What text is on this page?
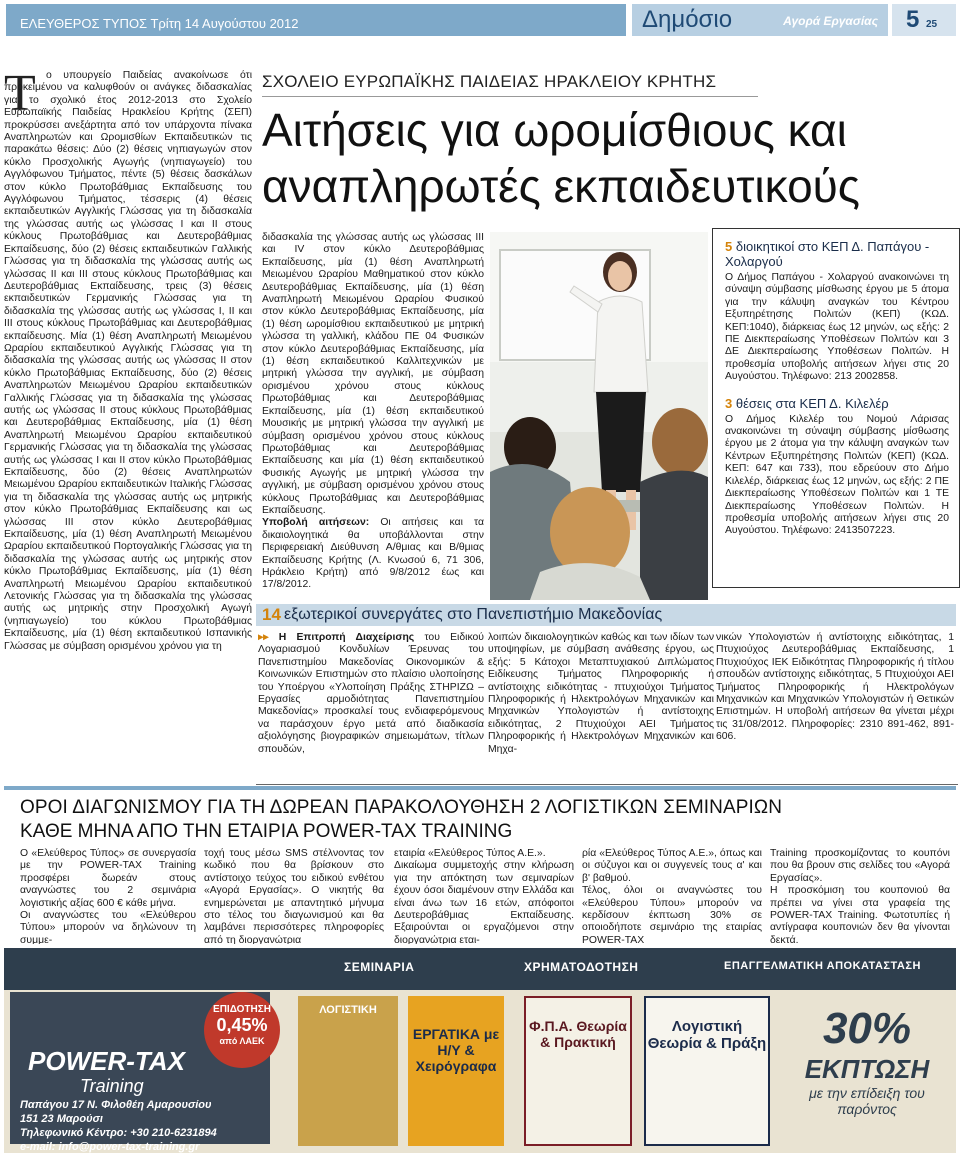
ΕΛΕΥΘΕΡΟΣ ΤΥΠΟΣ Τρίτη 14 Αυγούστου 2012	Δημόσιο	Αγορά Εργασίας 5 25
Τ ο υπουργείο Παιδείας ανακοίνωσε ότι προκειμένου να καλυφθούν οι ανάγκες διδασκαλίας για το σχολικό έτος 2012-2013 στο Σχολείο Ευρωπαϊκής Παιδείας Ηρακλείου Κρήτης (ΣΕΠ) προκρύσσει ανεξάρτητα από τον υπάρχοντα πίνακα Αναπληρωτών και Ωρομισθίων Εκπαιδευτικών τις παρακάτω θέσεις: Δύο (2) θέσεις νηπιαγωγών στον κύκλο Προσχολικής Αγωγής (νηπιαγωγείο) του Αγγλόφωνου Τμήματος, πέντε (5) θέσεις δασκάλων στον κύκλο Πρωτοβάθμιας Εκπαίδευσης του Αγγλόφωνου Τμήματος, τέσσερις (4) θέσεις εκπαιδευτικών Αγγλικής Γλώσσας για τη διδασκαλία της γλώσσας αυτής ως γλώσσας I και II στους κύκλους Πρωτοβάθμιας και Δευτεροβάθμιας Εκπαίδευσης, δύο (2) θέσεις εκπαιδευτικών Γαλλικής Γλώσσας για τη διδασκαλία της γλώσσας αυτής ως γλώσσας II και III στους κύκλους Πρωτοβάθμιας και Δευτεροβάθμιας Εκπαίδευσης, τρεις (3) θέσεις εκπαιδευτικών Γερμανικής Γλώσσας για τη διδασκαλία της γλώσσας αυτής ως γλώσσας I, II και III στους κύκλους Πρωτοβάθμιας και Δευτεροβάθμιας εκπαίδευσης. Μία (1) θέση Αναπληρωτή Μειωμένου Ωραρίου εκπαιδευτικού Αγγλικής Γλώσσας για τη διδασκαλία της γλώσσας αυτής ως γλώσσας II στον κύκλο Πρωτοβάθμιας Εκπαίδευσης, δύο (2) θέσεις Αναπληρωτών Μειωμένου Ωραρίου εκπαιδευτικών Γαλλικής Γλώσσας για τη διδασκαλία της γλώσσας αυτής ως γλώσσας II στους κύκλους Πρωτοβάθμιας και Δευτεροβάθμιας Εκπαίδευσης, μία (1) θέση Αναπληρωτή Μειωμένου Ωραρίου εκπαιδευτικού Γερμανικής Γλώσσας για τη διδασκαλία της γλώσσας αυτής ως γλώσσας I και II στον κύκλο Πρωτοβάθμιας Εκπαίδευσης, δύο (2) θέσεις Αναπληρωτών Μειωμένου Ωραρίου εκπαιδευτικών Ιταλικής Γλώσσας για τη διδασκαλία της γλώσσας αυτής ως μητρικής στον κύκλο Πρωτοβάθμιας Εκπαίδευσης και ως γλώσσας III στον κύκλο Δευτεροβάθμιας Εκπαίδευσης, μία (1) θέση Αναπληρωτή Μειωμένου Ωραρίου εκπαιδευτικού Πορτογαλικής Γλώσσας για τη διδασκαλία της γλώσσας αυτής ως μητρικής στον κύκλο Πρωτοβάθμιας Εκπαίδευσης, μία (1) θέση Αναπληρωτή Μειωμένου Ωραρίου εκπαιδευτικού Λετονικής Γλώσσας για τη διδασκαλία της γλώσσας αυτής ως μητρικής στην Προσχολική Αγωγή (νηπιαγωγείο) του κύκλου Πρωτοβάθμιας Εκπαίδευσης, μία (1) θέση εκπαιδευτικού Ισπανικής Γλώσσας με σύμβαση ορισμένου χρόνου για τη
ΣΧΟΛΕΙΟ ΕΥΡΩΠΑΪΚΗΣ ΠΑΙΔΕΙΑΣ ΗΡΑΚΛΕΙΟΥ ΚΡΗΤΗΣ
Αιτήσεις για ωρομίσθιους και αναπληρωτές εκπαιδευτικούς
διδασκαλία της γλώσσας αυτής ως γλώσσας III και IV στον κύκλο Δευτεροβάθμιας Εκπαίδευσης, μία (1) θέση Αναπληρωτή Μειωμένου Ωραρίου Μαθηματικού στον κύκλο Δευτεροβάθμιας Εκπαίδευσης, μία (1) θέση Αναπληρωτή Μειωμένου Ωραρίου Φυσικού στον κύκλο Δευτεροβάθμιας Εκπαίδευσης, μία (1) θέση ωρομίσθιου εκπαιδευτικού με μητρική γλώσσα τη γαλλική, κλάδου ΠΕ 04 Φυσικών στον κύκλο Δευτεροβάθμιας Εκπαίδευσης, μία (1) θέση εκπαιδευτικού Καλλιτεχνικών με μητρική γλώσσα την αγγλική, με σύμβαση ορισμένου χρόνου στους κύκλους Πρωτοβάθμιας και Δευτεροβάθμιας Εκπαίδευσης, μία (1) θέση εκπαιδευτικού Μουσικής με μητρική γλώσσα την αγγλική με σύμβαση ορισμένου χρόνου στους κύκλους Πρωτοβάθμιας και Δευτεροβάθμιας Εκπαίδευσης και μία (1) θέση εκπαιδευτικού Φυσικής Αγωγής με μητρική γλώσσα την αγγλική, με σύμβαση ορισμένου χρόνου στους κύκλους Πρωτοβάθμιας και Δευτεροβάθμιας Εκπαίδευσης.
Υποβολή αιτήσεων: Οι αιτήσεις και τα δικαιολογητικά θα υποβάλλονται στην Περιφερειακή Διεύθυνση Α/θμιας και Β/θμιας Εκπαίδευσης Κρήτης (Λ. Κνωσού 6, 71 306, Ηράκλειο Κρήτη) από 9/8/2012 έως και 17/8/2012.

5 διοικητικοί στο ΚΕΠ Δ. Παπάγου - Χολαργού

Ο Δήμος Παπάγου - Χολαργού ανακοινώνει τη σύναψη σύμβασης μίσθωσης έργου με 5 άτομα για την κάλυψη αναγκών του Κέντρου Εξυπηρέτησης Πολιτών (ΚΕΠ) (ΚΩΔ. ΚΕΠ:1040), διάρκειας έως 12 μηνών, ως εξής: 2 ΠΕ Διεκπεραίωσης Υποθέσεων Πολιτών και 3 ΔΕ Διεκπεραίωσης Υποθέσεων Πολιτών. Η προθεσμία υποβολής αιτήσεων λήγει στις 20 Αυγούστου. Τηλέφωνο: 213 2002858.

3 θέσεις στα ΚΕΠ Δ. Κιλελέρ

Ο Δήμος Κιλελέρ του Νομού Λάρισας ανακοινώνει τη σύναψη σύμβασης μίσθωσης έργου με 2 άτομα για την κάλυψη αναγκών των Κέντρων Εξυπηρέτησης Πολιτών (ΚΕΠ) (ΚΩΔ. ΚΕΠ: 647 και 733), που εδρεύουν στο Δήμο Κιλελέρ, διάρκειας έως 12 μηνών, ως εξής: 2 ΠΕ Διεκπεραίωσης Υποθέσεων Πολιτών και 1 ΤΕ Διεκπεραίωσης Υποθέσεων Πολιτών. Η προθεσμία υποβολής αιτήσεων λήγει στις 20 Αυγούστου. Τηλέφωνο: 2413507223.
14 εξωτερικοί συνεργάτες στο Πανεπιστήμιο Μακεδονίας
▸▸ Η Επιτροπή Διαχείρισης του Ειδικού Λογαριασμού Κονδυλίων Έρευνας του Πανεπιστημίου Μακεδονίας Οικονομικών & Κοινωνικών Επιστημών στο πλαίσιο υλοποίησης του Υποέργου «Υλοποίηση Πράξης ΣΤΗΡΙΖΩ – Εργασίες αρμοδιότητας Πανεπιστημίου Μακεδονίας» προσκαλεί τους ενδιαφερόμενους να παράσχουν έργο μετά από διαδικασία αξιολόγησης βιογραφικών σημειωμάτων, τίτλων σπουδών,
λοιπών δικαιολογητικών καθώς και των ιδίων των υποψηφίων, με σύμβαση ανάθεσης έργου, ως εξής: 5 Κάτοχοι Μεταπτυχιακού Διπλώματος Ειδίκευσης Τμήματος Πληροφορικής ή αντίστοιχης ειδικότητας - πτυχιούχοι Τμήματος Πληροφορικής ή Ηλεκτρολόγων Μηχανικών και Μηχανικών Υπολογιστών ή αντίστοιχης ειδικότητας, 2 Πτυχιούχοι ΑΕΙ Τμήματος Πληροφορικής ή Ηλεκτρολόγων Μηχανικών και Μηχα-
νικών Υπολογιστών ή αντίστοιχης ειδικότητας, 1 Πτυχιούχος Δευτεροβάθμιας Εκπαίδευσης, 1 Πτυχιούχος ΙΕΚ Ειδικότητας Πληροφορικής ή τίτλου σπουδών αντίστοιχης ειδικότητας, 5 Πτυχιούχοι ΑΕΙ Τμήματος Πληροφορικής ή Ηλεκτρολόγων Μηχανικών και Μηχανικών Υπολογιστών ή Θετικών Επιστημών. Η υποβολή αιτήσεων θα γίνεται μέχρι τις 31/08/2012. Πληροφορίες: 2310 891-462, 891-606.
ΟΡΟΙ ΔΙΑΓΩΝΙΣΜΟΥ ΓΙΑ ΤΗ ΔΩΡΕΑΝ ΠΑΡΑΚΟΛΟΥΘΗΣΗ 2 ΛΟΓΙΣΤΙΚΩΝ ΣΕΜΙΝΑΡΙΩΝ
ΚΑΘΕ ΜΗΝΑ ΑΠΟ ΤΗΝ ΕΤΑΙΡΙΑ POWER-TAX TRAINING
Ο «Ελεύθερος Τύπος» σε συνεργασία με την POWER-TAX Training προσφέρει δωρεάν στους αναγνώστες του 2 σεμινάρια λογιστικής αξίας 600 € κάθε μήνα.
Οι αναγνώστες του «Ελεύθερου Τύπου» μπορούν να δηλώνουν τη συμμε-
τοχή τους μέσω SMS στέλνοντας τον κωδικό που θα βρίσκουν στο αντίστοιχο τεύχος του ειδικού ενθέτου «Αγορά Εργασίας». Ο νικητής θα ενημερώνεται με απαντητικό μήνυμα στο τέλος του διαγωνισμού και θα λαμβάνει περισσότερες πληροφορίες από τη διοργανώτρια
εταιρία «Ελεύθερος Τύπος Α.Ε.».
Δικαίωμα συμμετοχής στην κλήρωση για την απόκτηση των σεμιναρίων έχουν όσοι διαμένουν στην Ελλάδα και είναι άνω των 16 ετών, απόφοιτοι Δευτεροβάθμιας Εκπαίδευσης. Εξαιρούνται οι εργαζόμενοι στην διοργανώτρια εται-
ρία «Ελεύθερος Τύπος Α.Ε.», όπως και οι σύζυγοι και οι συγγενείς τους α' και β' βαθμού.
Τέλος, όλοι οι αναγνώστες του «Ελεύθερου Τύπου» μπορούν να κερδίσουν έκπτωση 30% σε οποιοδήποτε σεμινάριο της εταιρίας POWER-TAX
Training προσκομίζοντας το κουπόνι που θα βρουν στις σελίδες του «Αγορά Εργασίας».
Η προσκόμιση του κουπονιού θα πρέπει να γίνει στα γραφεία της POWER-TAX Training. Φωτοτυπίες ή αντίγραφα κουπονιών δεν θα γίνονται δεκτά.
ΣΕΜΙΝΑΡΙΑ	ΧΡΗΜΑΤΟΔΟΤΗΣΗ	ΕΠΑΓΓΕΛΜΑΤΙΚΗ ΑΠΟΚΑΤΑΣΤΑΣΗ
POWER-TAX
Training
Παπάγου 17 Ν. Φιλοθέη Αμαρουσίου
151 23 Μαρούσι
Τηλεφωνικό Κέντρο: +30 210-6231894
e-mail: info@power-tax-training.gr
ΕΠΙΔΟΤΗΣΗ
0,45%
από ΛΑΕΚ
ΛΟΓΙΣΤΙΚΗ
ΕΡΓΑΤΙΚΑ με Η/Υ & Χειρόγραφα
Φ.Π.Α. Θεωρία & Πρακτική
Λογιστική Θεωρία & Πράξη	30%
ΕΚΠΤΩΣΗ
με την επίδειξη του παρόντος
